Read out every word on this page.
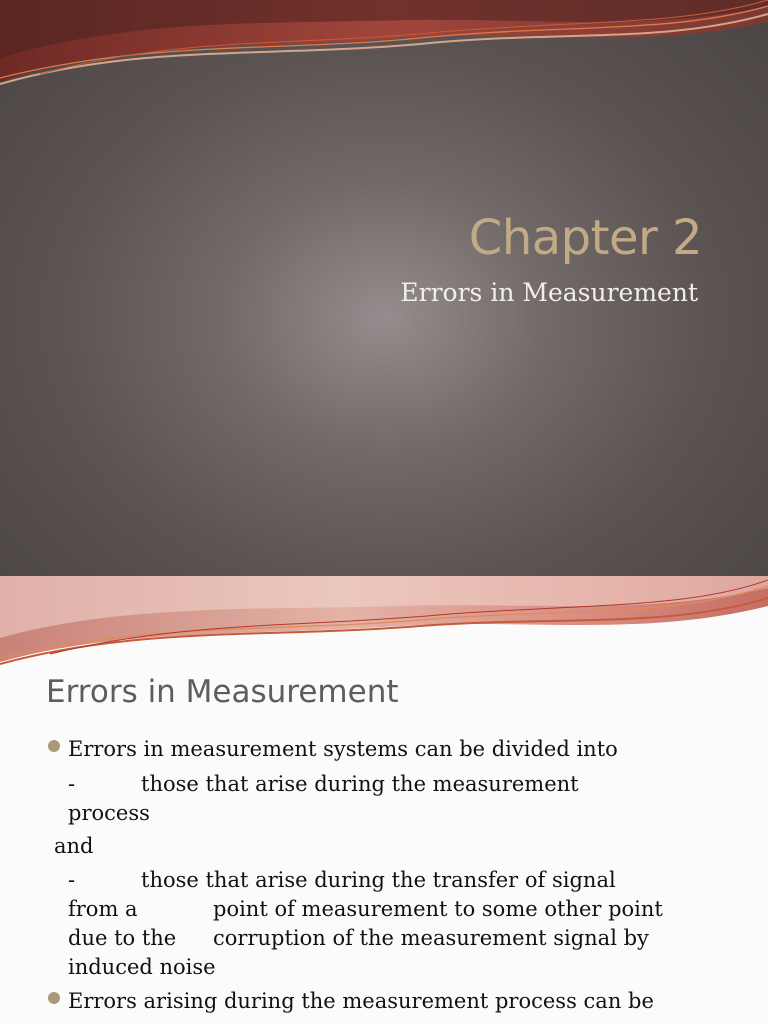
Chapter 2
Errors in Measurement
Errors in Measurement
Errors in measurement systems can be divided into
-	those that arise during the measurement
process
and
-	those that arise during the transfer of signal
from a	point of measurement to some other point
due to the corruption of the measurement signal by
induced noise
Errors arising during the measurement process can be
